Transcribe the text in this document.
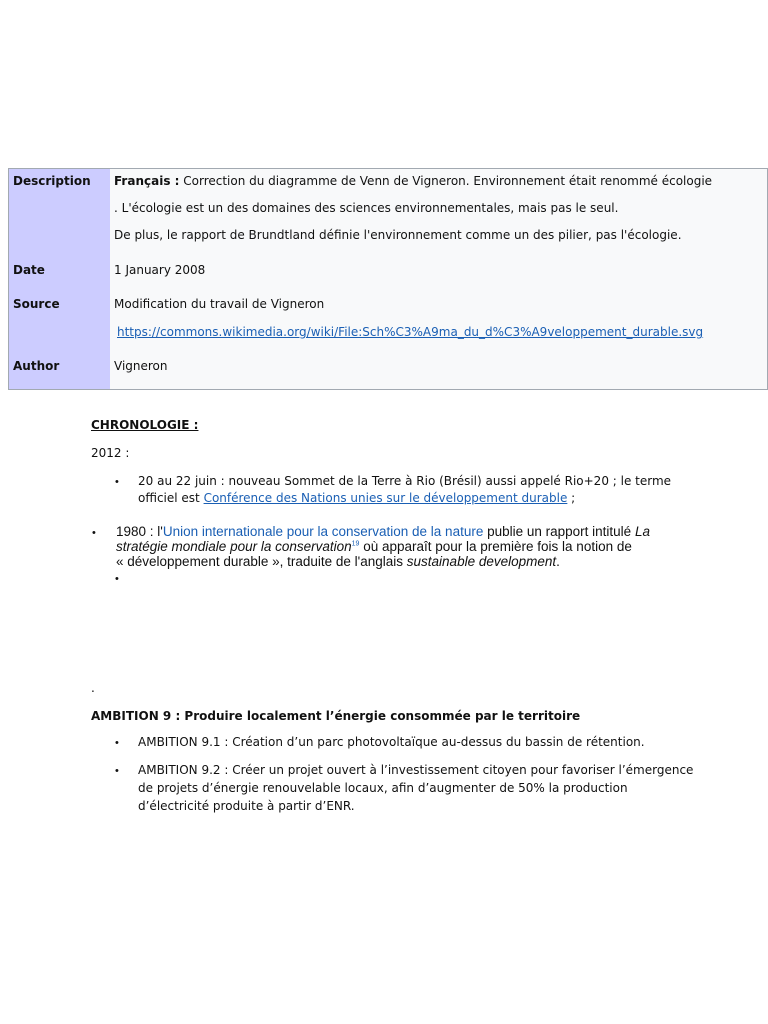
Description Français : Correction du diagramme de Venn de Vigneron. Environnement était renommé écologie
. L'écologie est un des domaines des sciences environnementales, mais pas le seul.
De plus, le rapport de Brundtland définie l'environnement comme un des pilier, pas l'écologie.
Date	1 January 2008
Source	Modification du travail de Vigneron
https://commons.wikimedia.org/wiki/File:Sch%C3%A9ma_du_d%C3%A9veloppement_durable.svg
Author	Vigneron
CHRONOLOGIE :
2012 :
• 20 au 22 juin : nouveau Sommet de la Terre à Rio (Brésil) aussi appelé Rio+20 ; le terme
officiel est Conférence des Nations unies sur le développement durable ;
• 1980 : l'Union internationale pour la conservation de la nature publie un rapport intitulé La
stratégie mondiale pour la conservation$^{19}$ où apparaît pour la première fois la notion de
« développement durable », traduite de l'anglais sustainable development.
•
.
AMBITION 9 : Produire localement l’énergie consommée par le territoire
• AMBITION 9.1 : Création d’un parc photovoltaïque au-dessus du bassin de rétention.
• AMBITION 9.2 : Créer un projet ouvert à l’investissement citoyen pour favoriser l’émergence
de projets d’énergie renouvelable locaux, afin d’augmenter de 50% la production
d’électricité produite à partir d’ENR.
